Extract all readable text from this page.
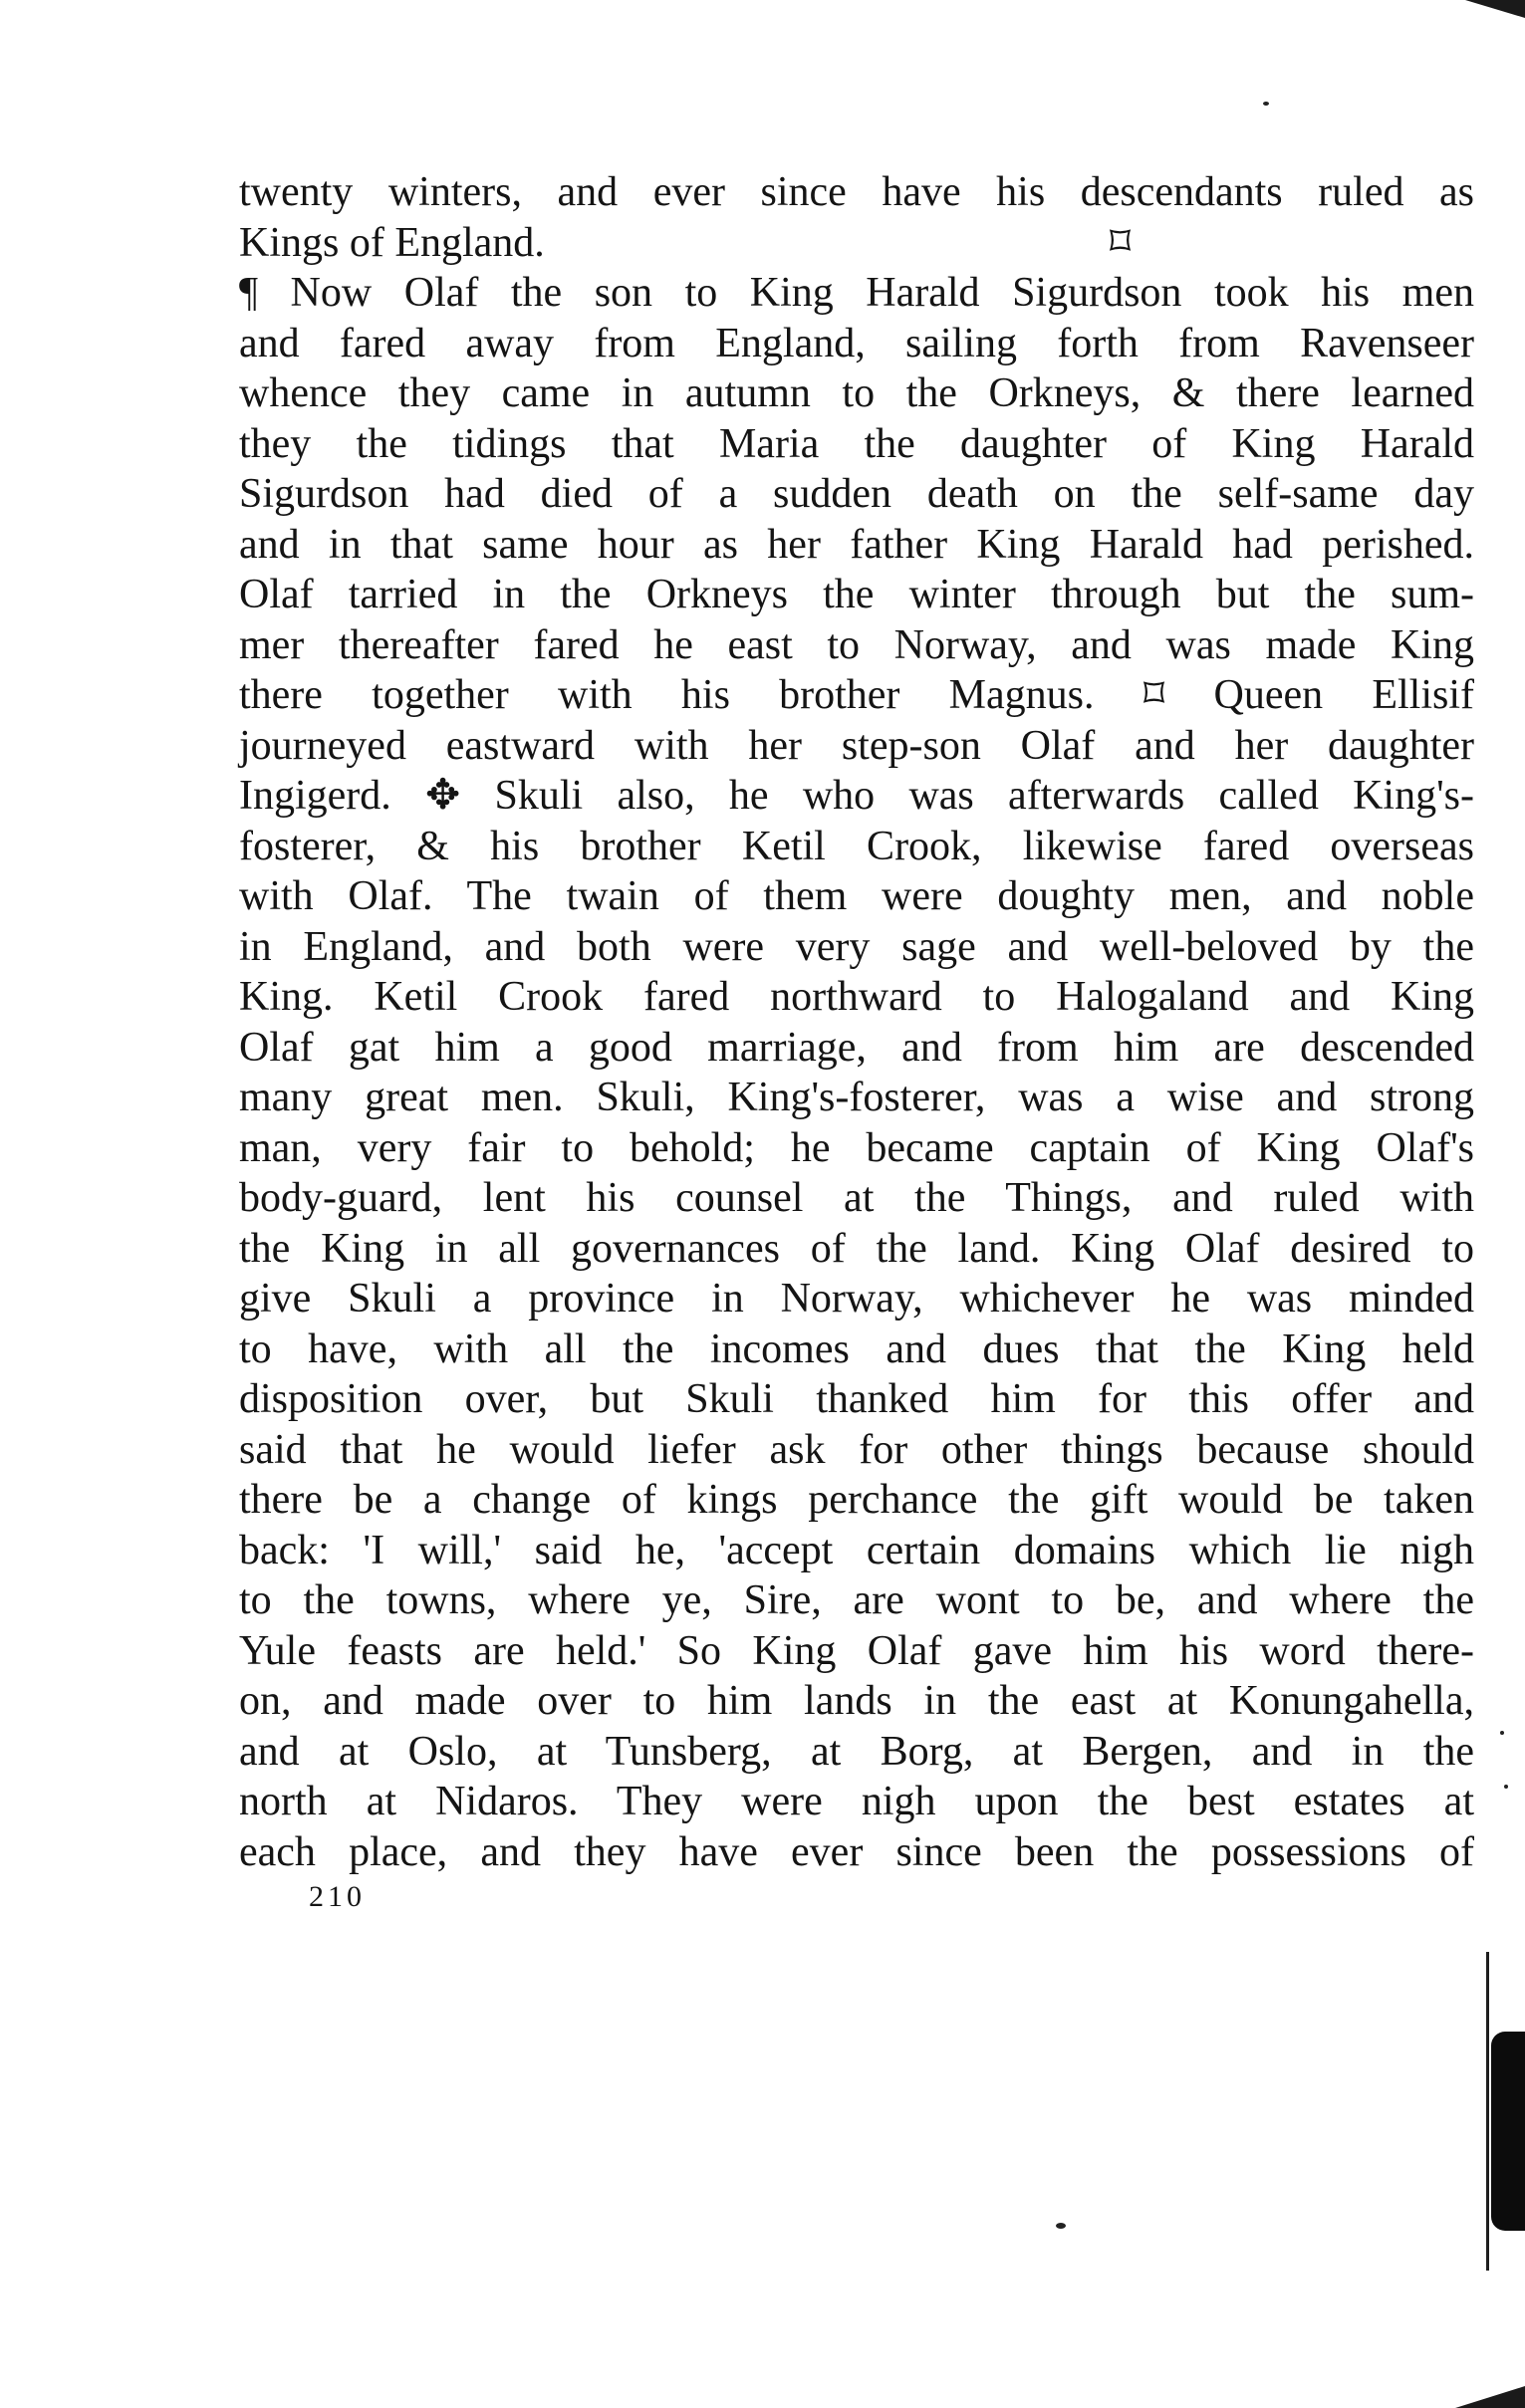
twenty winters, and ever since have his descendants ruled as
Kings of England.                                                      ⌑
¶ Now Olaf the son to King Harald Sigurdson took his men
and fared away from England, sailing forth from Ravenseer
whence they came in autumn to the Orkneys, & there learned
they the tidings that Maria the daughter of King Harald
Sigurdson had died of a sudden death on the self-same day
and in that same hour as her father King Harald had perished.
Olaf tarried in the Orkneys the winter through but the sum-
mer thereafter fared he east to Norway, and was made King
there together with his brother Magnus. ⌑ Queen Ellisif
journeyed eastward with her step-son Olaf and her daughter
Ingigerd. ✥ Skuli also, he who was afterwards called King's-
fosterer, & his brother Ketil Crook, likewise fared overseas
with Olaf. The twain of them were doughty men, and noble
in England, and both were very sage and well-beloved by the
King. Ketil Crook fared northward to Halogaland and King
Olaf gat him a good marriage, and from him are descended
many great men. Skuli, King's-fosterer, was a wise and strong
man, very fair to behold; he became captain of King Olaf's
body-guard, lent his counsel at the Things, and ruled with
the King in all governances of the land. King Olaf desired to
give Skuli a province in Norway, whichever he was minded
to have, with all the incomes and dues that the King held
disposition over, but Skuli thanked him for this offer and
said that he would liefer ask for other things because should
there be a change of kings perchance the gift would be taken
back: 'I will,' said he, 'accept certain domains which lie nigh
to the towns, where ye, Sire, are wont to be, and where the
Yule feasts are held.' So King Olaf gave him his word there-
on, and made over to him lands in the east at Konungahella,
and at Oslo, at Tunsberg, at Borg, at Bergen, and in the
north at Nidaros. They were nigh upon the best estates at
each place, and they have ever since been the possessions of
210
